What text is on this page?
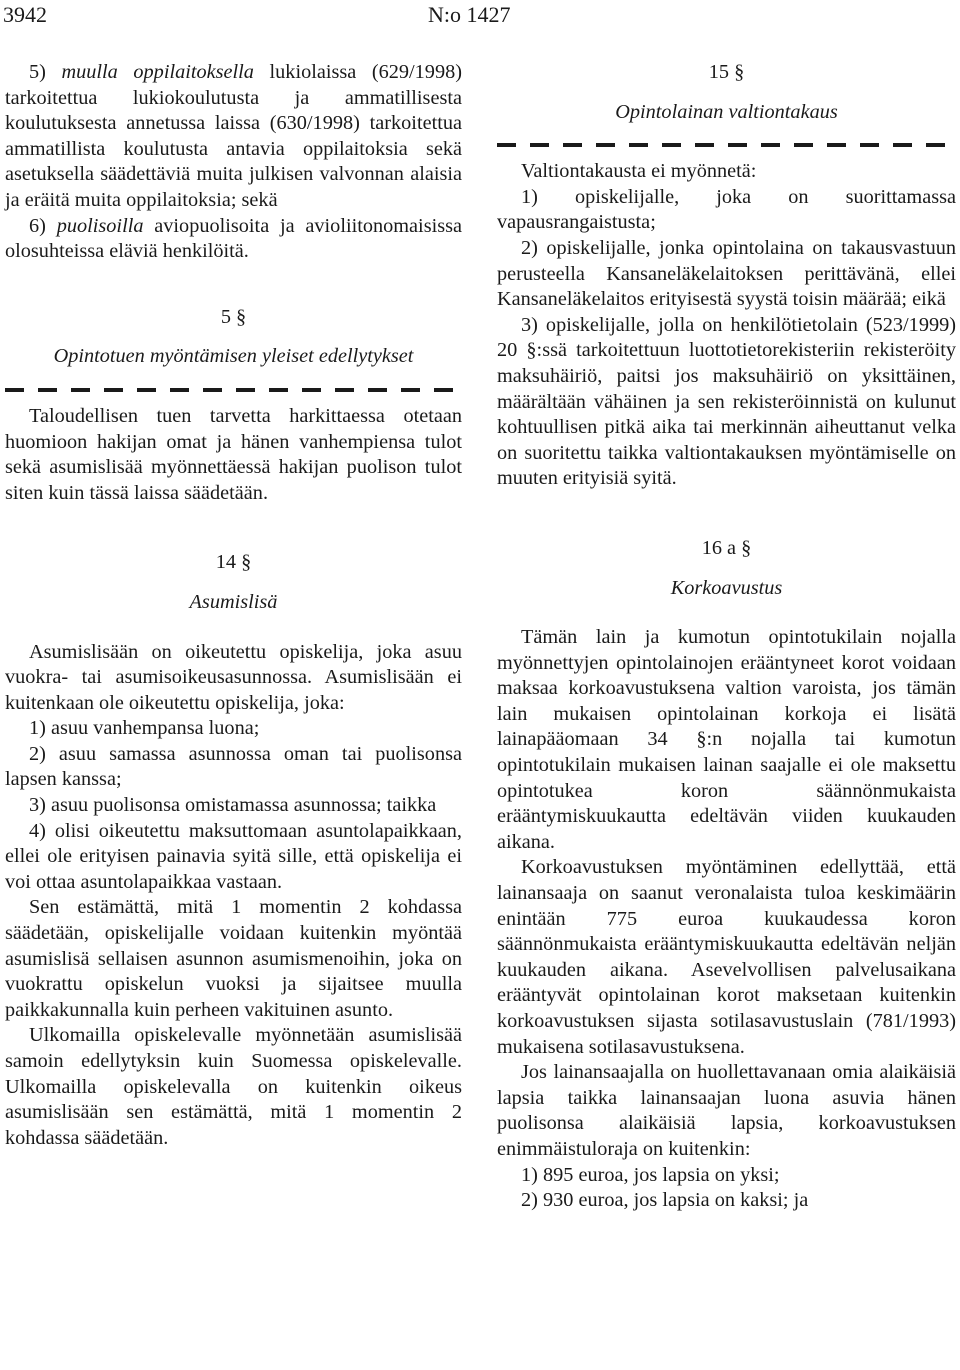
3942	N:o 1427

5) muulla oppilaitoksella lukiolaissa (629/1998) tarkoitettua lukiokoulutusta ja ammatillisesta koulutuksesta annetussa laissa (630/1998) tarkoitettua ammatillista koulutusta antavia oppilaitoksia sekä asetuksella säädettäviä muita julkisen valvonnan alaisia ja eräitä muita oppilaitoksia; sekä

6) puolisoilla aviopuolisoita ja avioliitonomaisissa olosuhteissa eläviä henkilöitä.

5 §

Opintotuen myöntämisen yleiset edellytykset

Taloudellisen tuen tarvetta harkittaessa otetaan huomioon hakijan omat ja hänen vanhempiensa tulot sekä asumislisää myönnettäessä hakijan puolison tulot siten kuin tässä laissa säädetään.

14 §

Asumislisä

Asumislisään on oikeutettu opiskelija, joka asuu vuokra- tai asumisoikeusasunnossa. Asumislisään ei kuitenkaan ole oikeutettu opiskelija, joka:

1) asuu vanhempansa luona;

2) asuu samassa asunnossa oman tai puolisonsa lapsen kanssa;

3) asuu puolisonsa omistamassa asunnossa; taikka

4) olisi oikeutettu maksuttomaan asuntolapaikkaan, ellei ole erityisen painavia syitä sille, että opiskelija ei voi ottaa asuntolapaikkaa vastaan.

Sen estämättä, mitä 1 momentin 2 kohdassa säädetään, opiskelijalle voidaan kuitenkin myöntää asumislisä sellaisen asunnon asumismenoihin, joka on vuokrattu opiskelun vuoksi ja sijaitsee muulla paikkakunnalla kuin perheen vakituinen asunto.

Ulkomailla opiskelevalle myönnetään asumislisää samoin edellytyksin kuin Suomessa opiskelevalle. Ulkomailla opiskelevalla on kuitenkin oikeus asumislisään sen estämättä, mitä 1 momentin 2 kohdassa säädetään.

15 §

Opintolainan valtiontakaus

Valtiontakausta ei myönnetä:

1) opiskelijalle, joka on suorittamassa vapausrangaistusta;

2) opiskelijalle, jonka opintolaina on takausvastuun perusteella Kansaneläkelaitoksen perittävänä, ellei Kansaneläkelaitos erityisestä syystä toisin määrää; eikä

3) opiskelijalle, jolla on henkilötietolain (523/1999) 20 §:ssä tarkoitettuun luottotietorekisteriin rekisteröity maksuhäiriö, paitsi jos maksuhäiriö on yksittäinen, määrältään vähäinen ja sen rekisteröinnistä on kulunut kohtuullisen pitkä aika tai merkinnän aiheuttanut velka on suoritettu taikka valtiontakauksen myöntämiselle on muuten erityisiä syitä.

16 a §

Korkoavustus

Tämän lain ja kumotun opintotukilain nojalla myönnettyjen opintolainojen erääntyneet korot voidaan maksaa korkoavustuksena valtion varoista, jos tämän lain mukaisen opintolainan korkoja ei lisätä lainapääomaan 34 §:n nojalla tai kumotun opintotukilain mukaisen lainan saajalle ei ole maksettu opintotukea koron säännönmukaista erääntymiskuukautta edeltävän viiden kuukauden aikana.

Korkoavustuksen myöntäminen edellyttää, että lainansaaja on saanut veronalaista tuloa keskimäärin enintään 775 euroa kuukaudessa koron säännönmukaista erääntymiskuukautta edeltävän neljän kuukauden aikana. Asevelvollisen palvelusaikana erääntyvät opintolainan korot maksetaan kuitenkin korkoavustuksen sijasta sotilasavustuslain (781/1993) mukaisena sotilasavustuksena.

Jos lainansaajalla on huollettavanaan omia alaikäisiä lapsia taikka lainansaajan luona asuvia hänen puolisonsa alaikäisiä lapsia, korkoavustuksen enimmäistuloraja on kuitenkin:

1) 895 euroa, jos lapsia on yksi;

2) 930 euroa, jos lapsia on kaksi; ja
